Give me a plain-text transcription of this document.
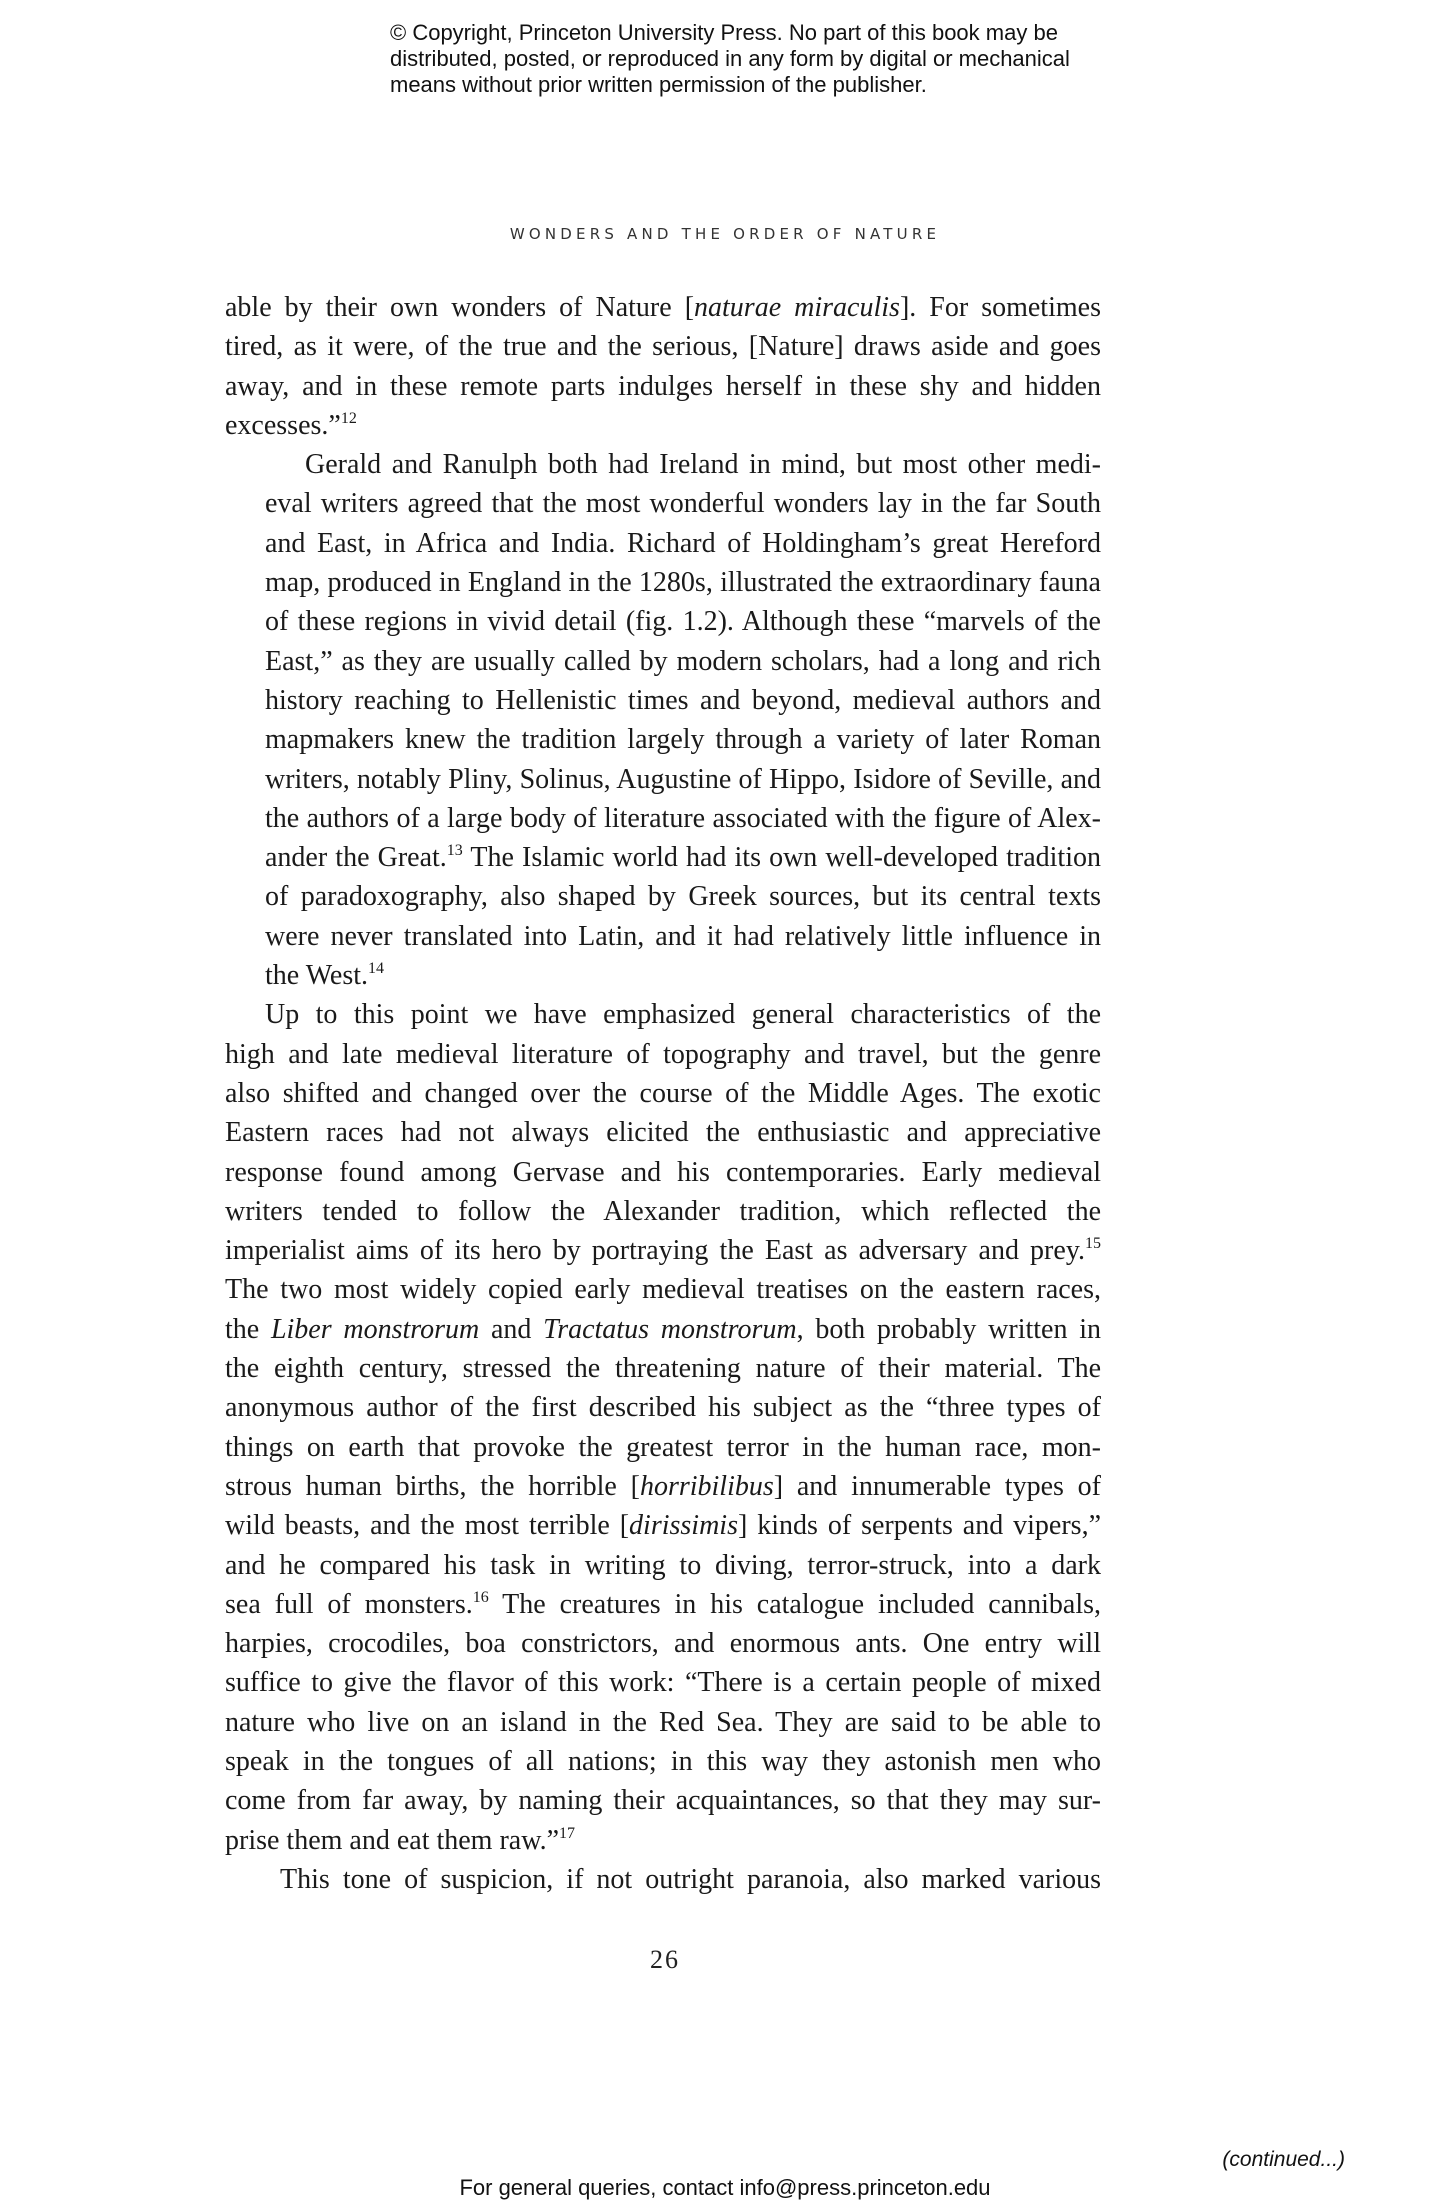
© Copyright, Princeton University Press. No part of this book may be
distributed, posted, or reproduced in any form by digital or mechanical
means without prior written permission of the publisher.
WONDERS AND THE ORDER OF NATURE

able by their own wonders of Nature [naturae miraculis]. For sometimes
tired, as it were, of the true and the serious, [Nature] draws aside and goes
away, and in these remote parts indulges herself in these shy and hidden
excesses.”$^{12}$

Gerald and Ranulph both had Ireland in mind, but most other medi-
eval writers agreed that the most wonderful wonders lay in the far South
and East, in Africa and India. Richard of Holdingham’s great Hereford
map, produced in England in the 1280s, illustrated the extraordinary fauna
of these regions in vivid detail (fig. 1.2). Although these “marvels of the
East,” as they are usually called by modern scholars, had a long and rich
history reaching to Hellenistic times and beyond, medieval authors and
mapmakers knew the tradition largely through a variety of later Roman
writers, notably Pliny, Solinus, Augustine of Hippo, Isidore of Seville, and
the authors of a large body of literature associated with the figure of Alex-
ander the Great.$^{13}$ The Islamic world had its own well-developed tradition
of paradoxography, also shaped by Greek sources, but its central texts
were never translated into Latin, and it had relatively little influence in
the West.$^{14}$

Up to this point we have emphasized general characteristics of the
high and late medieval literature of topography and travel, but the genre
also shifted and changed over the course of the Middle Ages. The exotic
Eastern races had not always elicited the enthusiastic and appreciative
response found among Gervase and his contemporaries. Early medieval
writers tended to follow the Alexander tradition, which reflected the
imperialist aims of its hero by portraying the East as adversary and prey.$^{15}$
The two most widely copied early medieval treatises on the eastern races,
the Liber monstrorum and Tractatus monstrorum, both probably written in
the eighth century, stressed the threatening nature of their material. The
anonymous author of the first described his subject as the “three types of
things on earth that provoke the greatest terror in the human race, mon-
strous human births, the horrible [horribilibus] and innumerable types of
wild beasts, and the most terrible [dirissimis] kinds of serpents and vipers,”
and he compared his task in writing to diving, terror-struck, into a dark
sea full of monsters.$^{16}$ The creatures in his catalogue included cannibals,
harpies, crocodiles, boa constrictors, and enormous ants. One entry will
suffice to give the flavor of this work: “There is a certain people of mixed
nature who live on an island in the Red Sea. They are said to be able to
speak in the tongues of all nations; in this way they astonish men who
come from far away, by naming their acquaintances, so that they may sur-
prise them and eat them raw.”$^{17}$

This tone of suspicion, if not outright paranoia, also marked various

26
(continued...)
For general queries, contact info@press.princeton.edu
